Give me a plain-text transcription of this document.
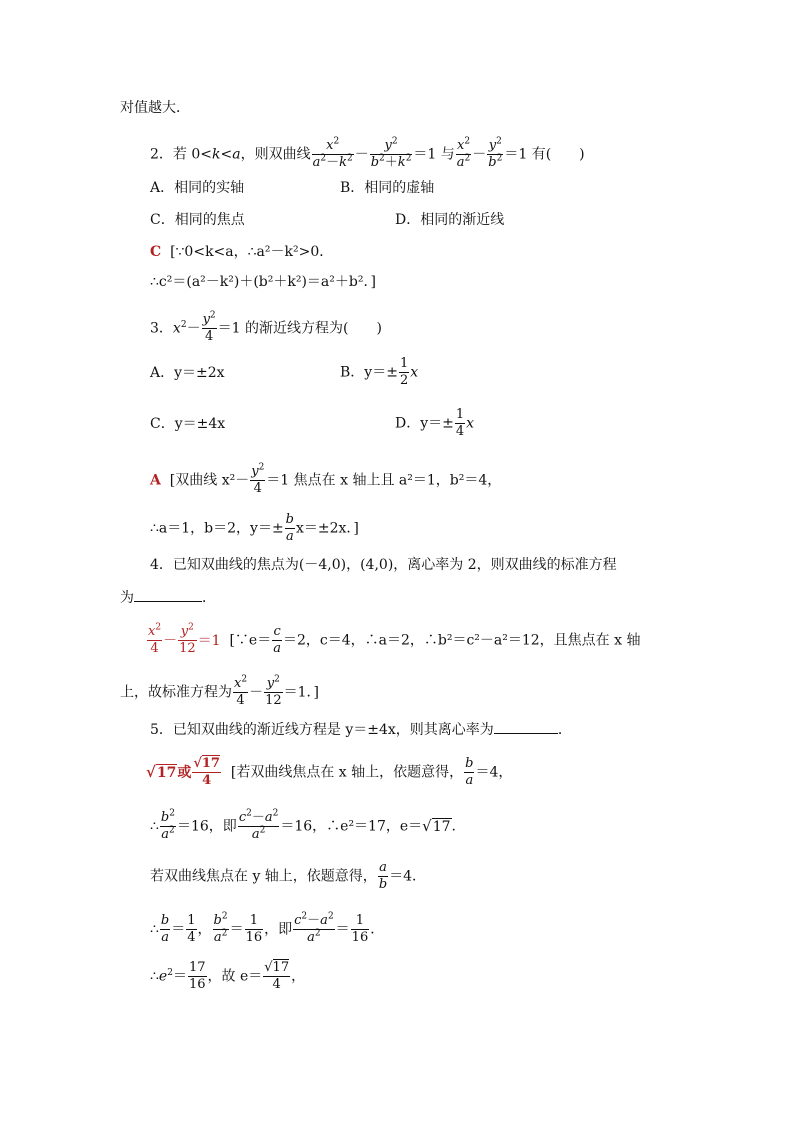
对值越大．
2．若 0<k<a，则双曲线 $\frac{x^2}{a^2-k^2} - \frac{y^2}{b^2+k^2} =1$ 与 $\frac{x^2}{a^2} - \frac{y^2}{b^2} =1$ 有(　　)
A．相同的实轴	B．相同的虚轴
C．相同的焦点	D．相同的渐近线
C [∵0<k<a，∴a²－k²>0．
∴c²＝(a²－k²)＋(b²＋k²)＝a²＋b²．]
3．$x^2- \frac{y^2}{4} =1$ 的渐近线方程为(　　)
A．y＝±2x	B．$y=\pm \frac{1}{2}$ x
C．y＝±4x	D．$y=\pm \frac{1}{4}$ x
A [双曲线 $x^2- \frac{y^2}{4} =1$ 焦点在 x 轴上且 a²＝1，b²＝4，
∴a＝1，b＝2，$y=\pm \frac{b}{a} x=\pm 2x$．]
4．已知双曲线的焦点为(－4,0)，(4,0)，离心率为 2，则双曲线的标准方程
为	．
$\frac{x^2}{4} - \frac{y^2}{12} =1$ [∵e＝ $\frac{c}{a} =2$，c＝4，∴a＝2，∴b²＝c²－a²＝12，且焦点在 x 轴
上，故标准方程为 $\frac{x^2}{4} - \frac{y^2}{12} =1$．]
5．已知双曲线的渐近线方程是 y＝±4x，则其离心率为	．
√17或 $\frac{√17}{4}$ [若双曲线焦点在 x 轴上，依题意得， $\frac{b}{a} =4$，
∴ $\frac{b^2}{a^2} =16$，即 $\frac{c^2-a^2}{a^2} =16$，∴e²＝17，e＝√17.
若双曲线焦点在 y 轴上，依题意得， $\frac{a}{b} =4$．
∴ $\frac{b}{a} = \frac{1}{4}$ ， $\frac{b^2}{a^2} = \frac{1}{16}$ ，即 $\frac{c^2-a^2}{a^2} = \frac{1}{16}$ ．
$\therefore e^2= \frac{17}{16}$ ，故 $e= \frac{√17}{4}$ ，
